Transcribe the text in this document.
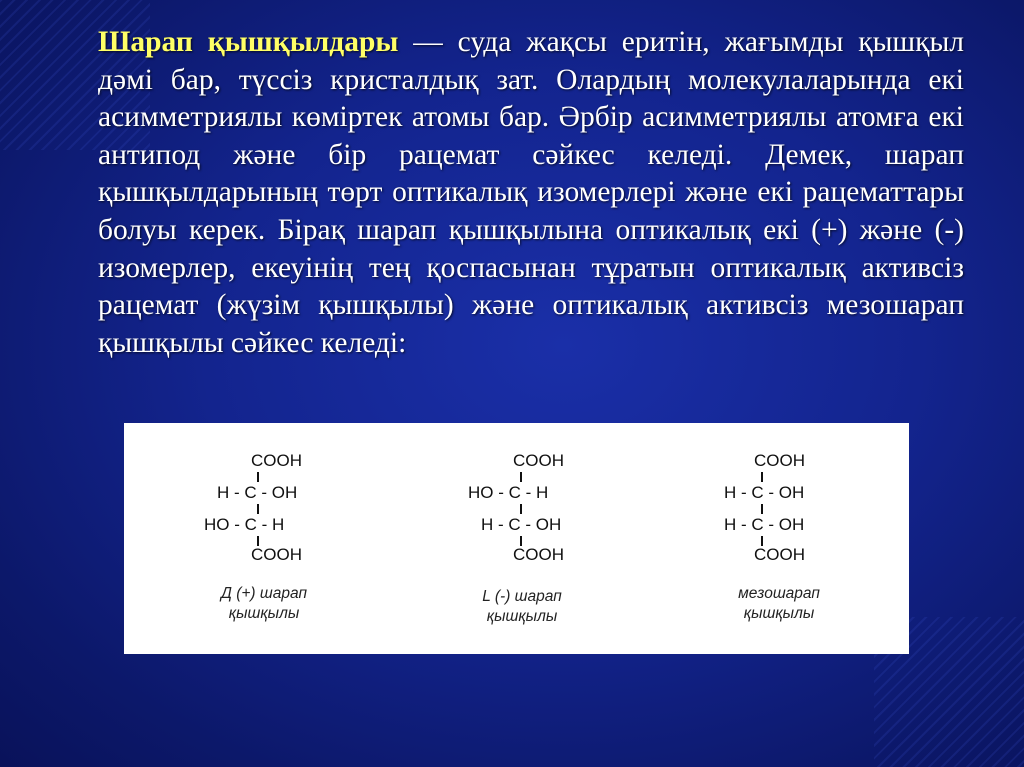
Шарап қышқылдары — суда жақсы еритін, жағымды қышқыл дәмі бар, түссіз кристалдық зат. Олардың молекулаларында екі асимметриялы көміртек атомы бар. Әрбір асимметриялы атомға екі антипод және бір рацемат сәйкес келеді. Демек, шарап қышқылдарының төрт оптикалық изомерлері және екі рацематтары болуы керек. Бірақ шарап қышқылына оптикалық екі (+) және (-) изомерлер, екеуінің тең қоспасынан тұратын оптикалық активсіз рацемат (жүзім қышқылы) және оптикалық активсіз мезошарап қышқылы сәйкес келеді:
COOH
H - C - OH
HO - C - H
COOH
Д (+) шарап
қышқылы
COOH
HO - C - H
H - C - OH
COOH
L (-) шарап
қышқылы
COOH
H - C - OH
H - C - OH
COOH
мезошарап
қышқылы
